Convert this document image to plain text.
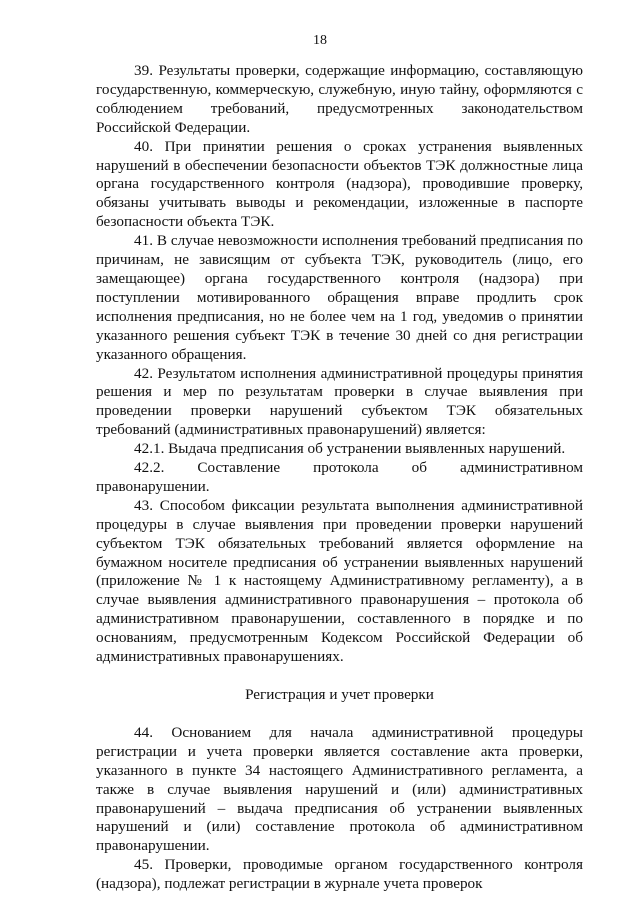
18

39. Результаты проверки, содержащие информацию, составляющую государственную, коммерческую, служебную, иную тайну, оформляются с соблюдением требований, предусмотренных законодательством Российской Федерации.

40. При принятии решения о сроках устранения выявленных нарушений в обеспечении безопасности объектов ТЭК должностные лица органа государственного контроля (надзора), проводившие проверку, обязаны учитывать выводы и рекомендации, изложенные в паспорте безопасности объекта ТЭК.

41. В случае невозможности исполнения требований предписания по причинам, не зависящим от субъекта ТЭК, руководитель (лицо, его замещающее) органа государственного контроля (надзора) при поступлении мотивированного обращения вправе продлить срок исполнения предписания, но не более чем на 1 год, уведомив о принятии указанного решения субъект ТЭК в течение 30 дней со дня регистрации указанного обращения.

42. Результатом исполнения административной процедуры принятия решения и мер по результатам проверки в случае выявления при проведении проверки нарушений субъектом ТЭК обязательных требований (административных правонарушений) является:

42.1. Выдача предписания об устранении выявленных нарушений.

42.2. Составление протокола об административном правонарушении.

43. Способом фиксации результата выполнения административной процедуры в случае выявления при проведении проверки нарушений субъектом ТЭК обязательных требований является оформление на бумажном носителе предписания об устранении выявленных нарушений (приложение № 1 к настоящему Административному регламенту), а в случае выявления административного правонарушения – протокола об административном правонарушении, составленного в порядке и по основаниям, предусмотренным Кодексом Российской Федерации об административных правонарушениях.

Регистрация и учет проверки

44. Основанием для начала административной процедуры регистрации и учета проверки является составление акта проверки, указанного в пункте 34 настоящего Административного регламента, а также в случае выявления нарушений и (или) административных правонарушений – выдача предписания об устранении выявленных нарушений и (или) составление протокола об административном правонарушении.

45. Проверки, проводимые органом государственного контроля (надзора), подлежат регистрации в журнале учета проверок
